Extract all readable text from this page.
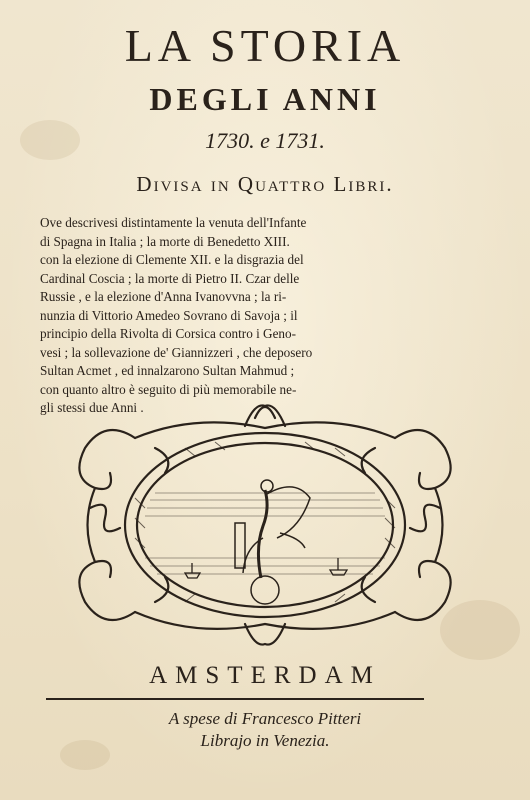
LA STORIA
DEGLI ANNI
1730. e 1731.
Divisa in Quattro Libri.
Ove descrivesi distintamente la venuta dell'Infante
di Spagna in Italia ; la morte di Benedetto XIII.
con la elezione di Clemente XII. e la disgrazia del
Cardinal Coscia ; la morte di Pietro II. Czar delle
Russie , e la elezione d'Anna Ivanovvna ; la ri-
nunzia di Vittorio Amedeo Sovrano di Savoja ; il
principio della Rivolta di Corsica contro i Geno-
vesi ; la sollevazione de' Giannizzeri , che deposero
Sultan Acmet , ed innalzarono Sultan Mahmud ;
con quanto altro è seguito di più memorabile ne-
gli stessi due Anni .
AMSTERDAM
A spese di Francesco Pitteri
Librajo in Venezia.
